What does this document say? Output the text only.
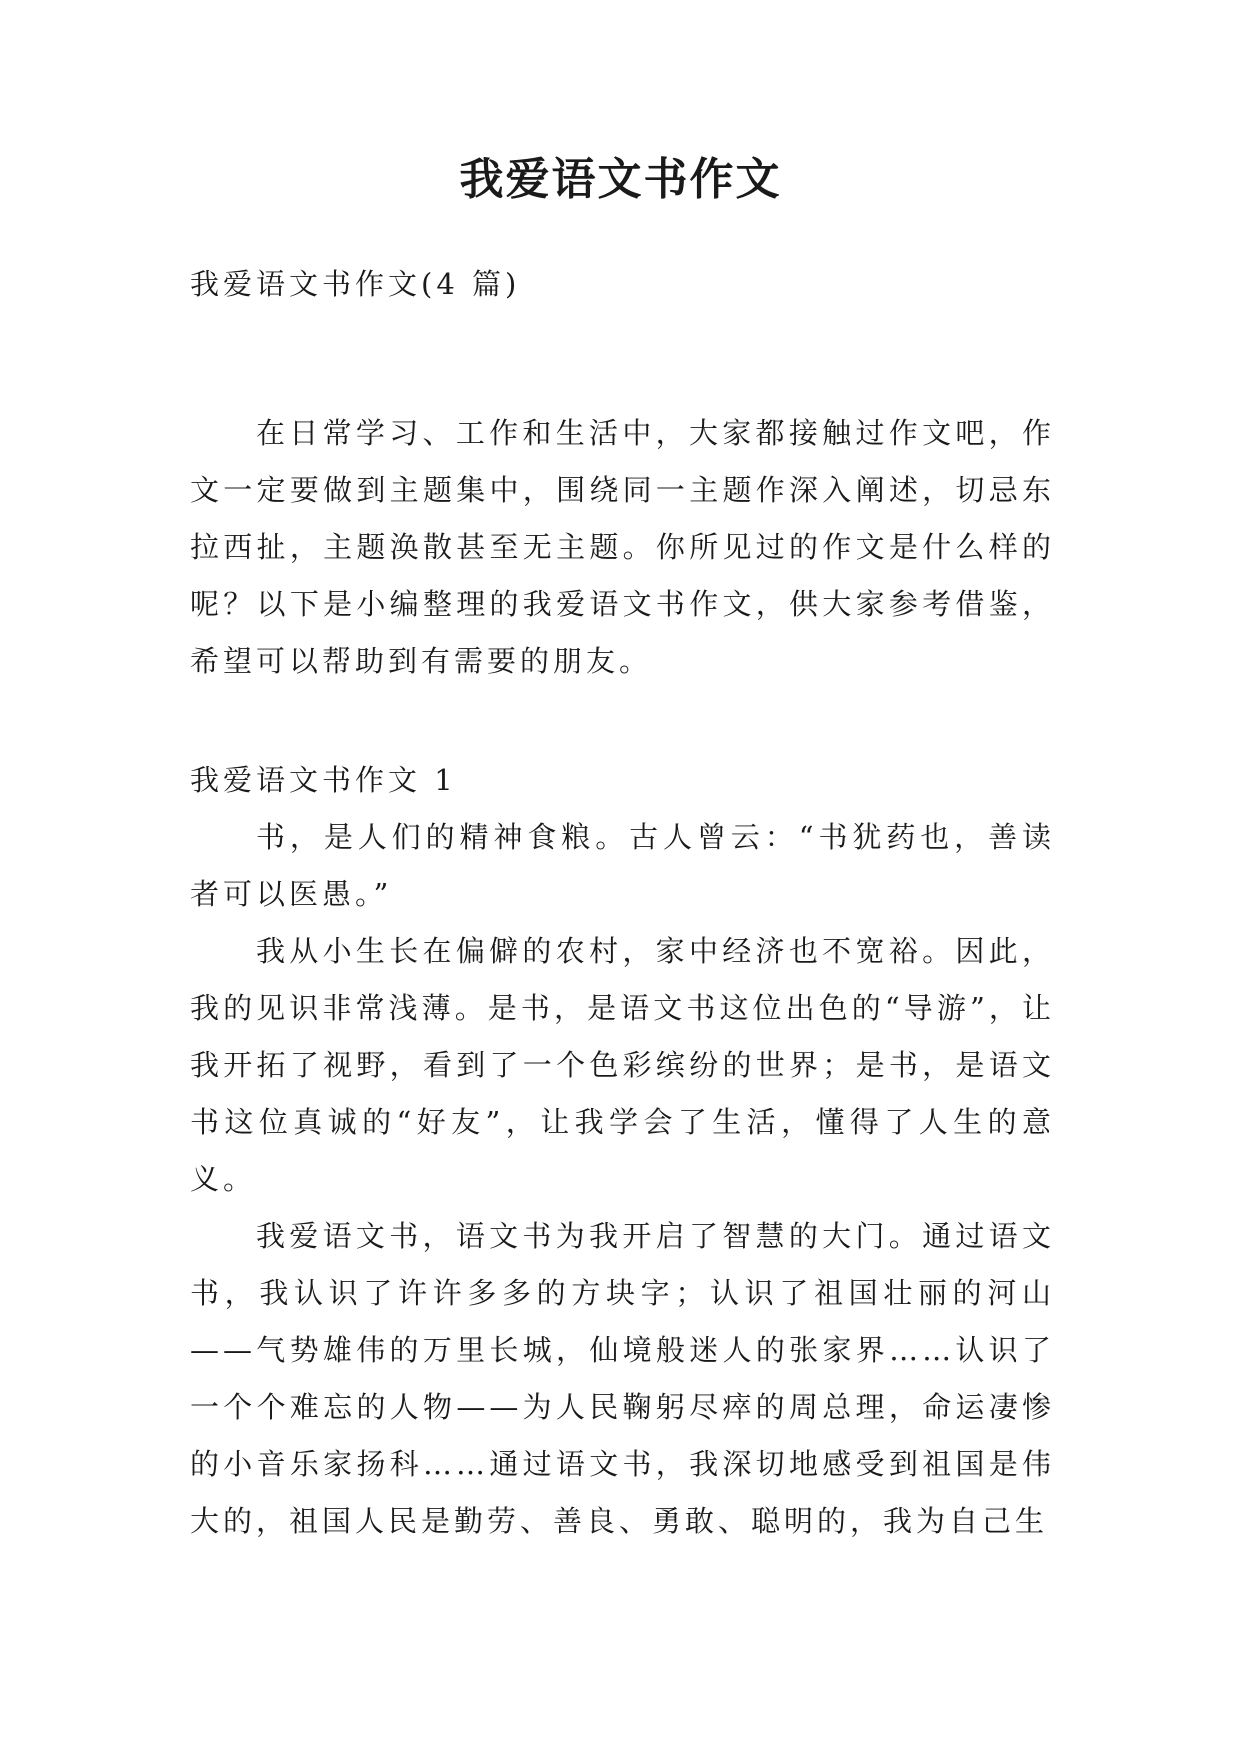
我爱语文书作文
我爱语文书作文(4 篇)

在日常学习、工作和生活中，大家都接触过作文吧，作文一定要做到主题集中，围绕同一主题作深入阐述，切忌东拉西扯，主题涣散甚至无主题。你所见过的作文是什么样的呢？以下是小编整理的我爱语文书作文，供大家参考借鉴，希望可以帮助到有需要的朋友。

我爱语文书作文 1

书，是人们的精神食粮。古人曾云：“书犹药也，善读者可以医愚。”

我从小生长在偏僻的农村，家中经济也不宽裕。因此，我的见识非常浅薄。是书，是语文书这位出色的“导游”，让我开拓了视野，看到了一个色彩缤纷的世界；是书，是语文书这位真诚的“好友”，让我学会了生活，懂得了人生的意义。

我爱语文书，语文书为我开启了智慧的大门。通过语文书，我认识了许许多多的方块字；认识了祖国壮丽的河山——气势雄伟的万里长城，仙境般迷人的张家界……认识了一个个难忘的人物——为人民鞠躬尽瘁的周总理，命运凄惨的小音乐家扬科……通过语文书，我深切地感受到祖国是伟大的，祖国人民是勤劳、善良、勇敢、聪明的，我为自己生
